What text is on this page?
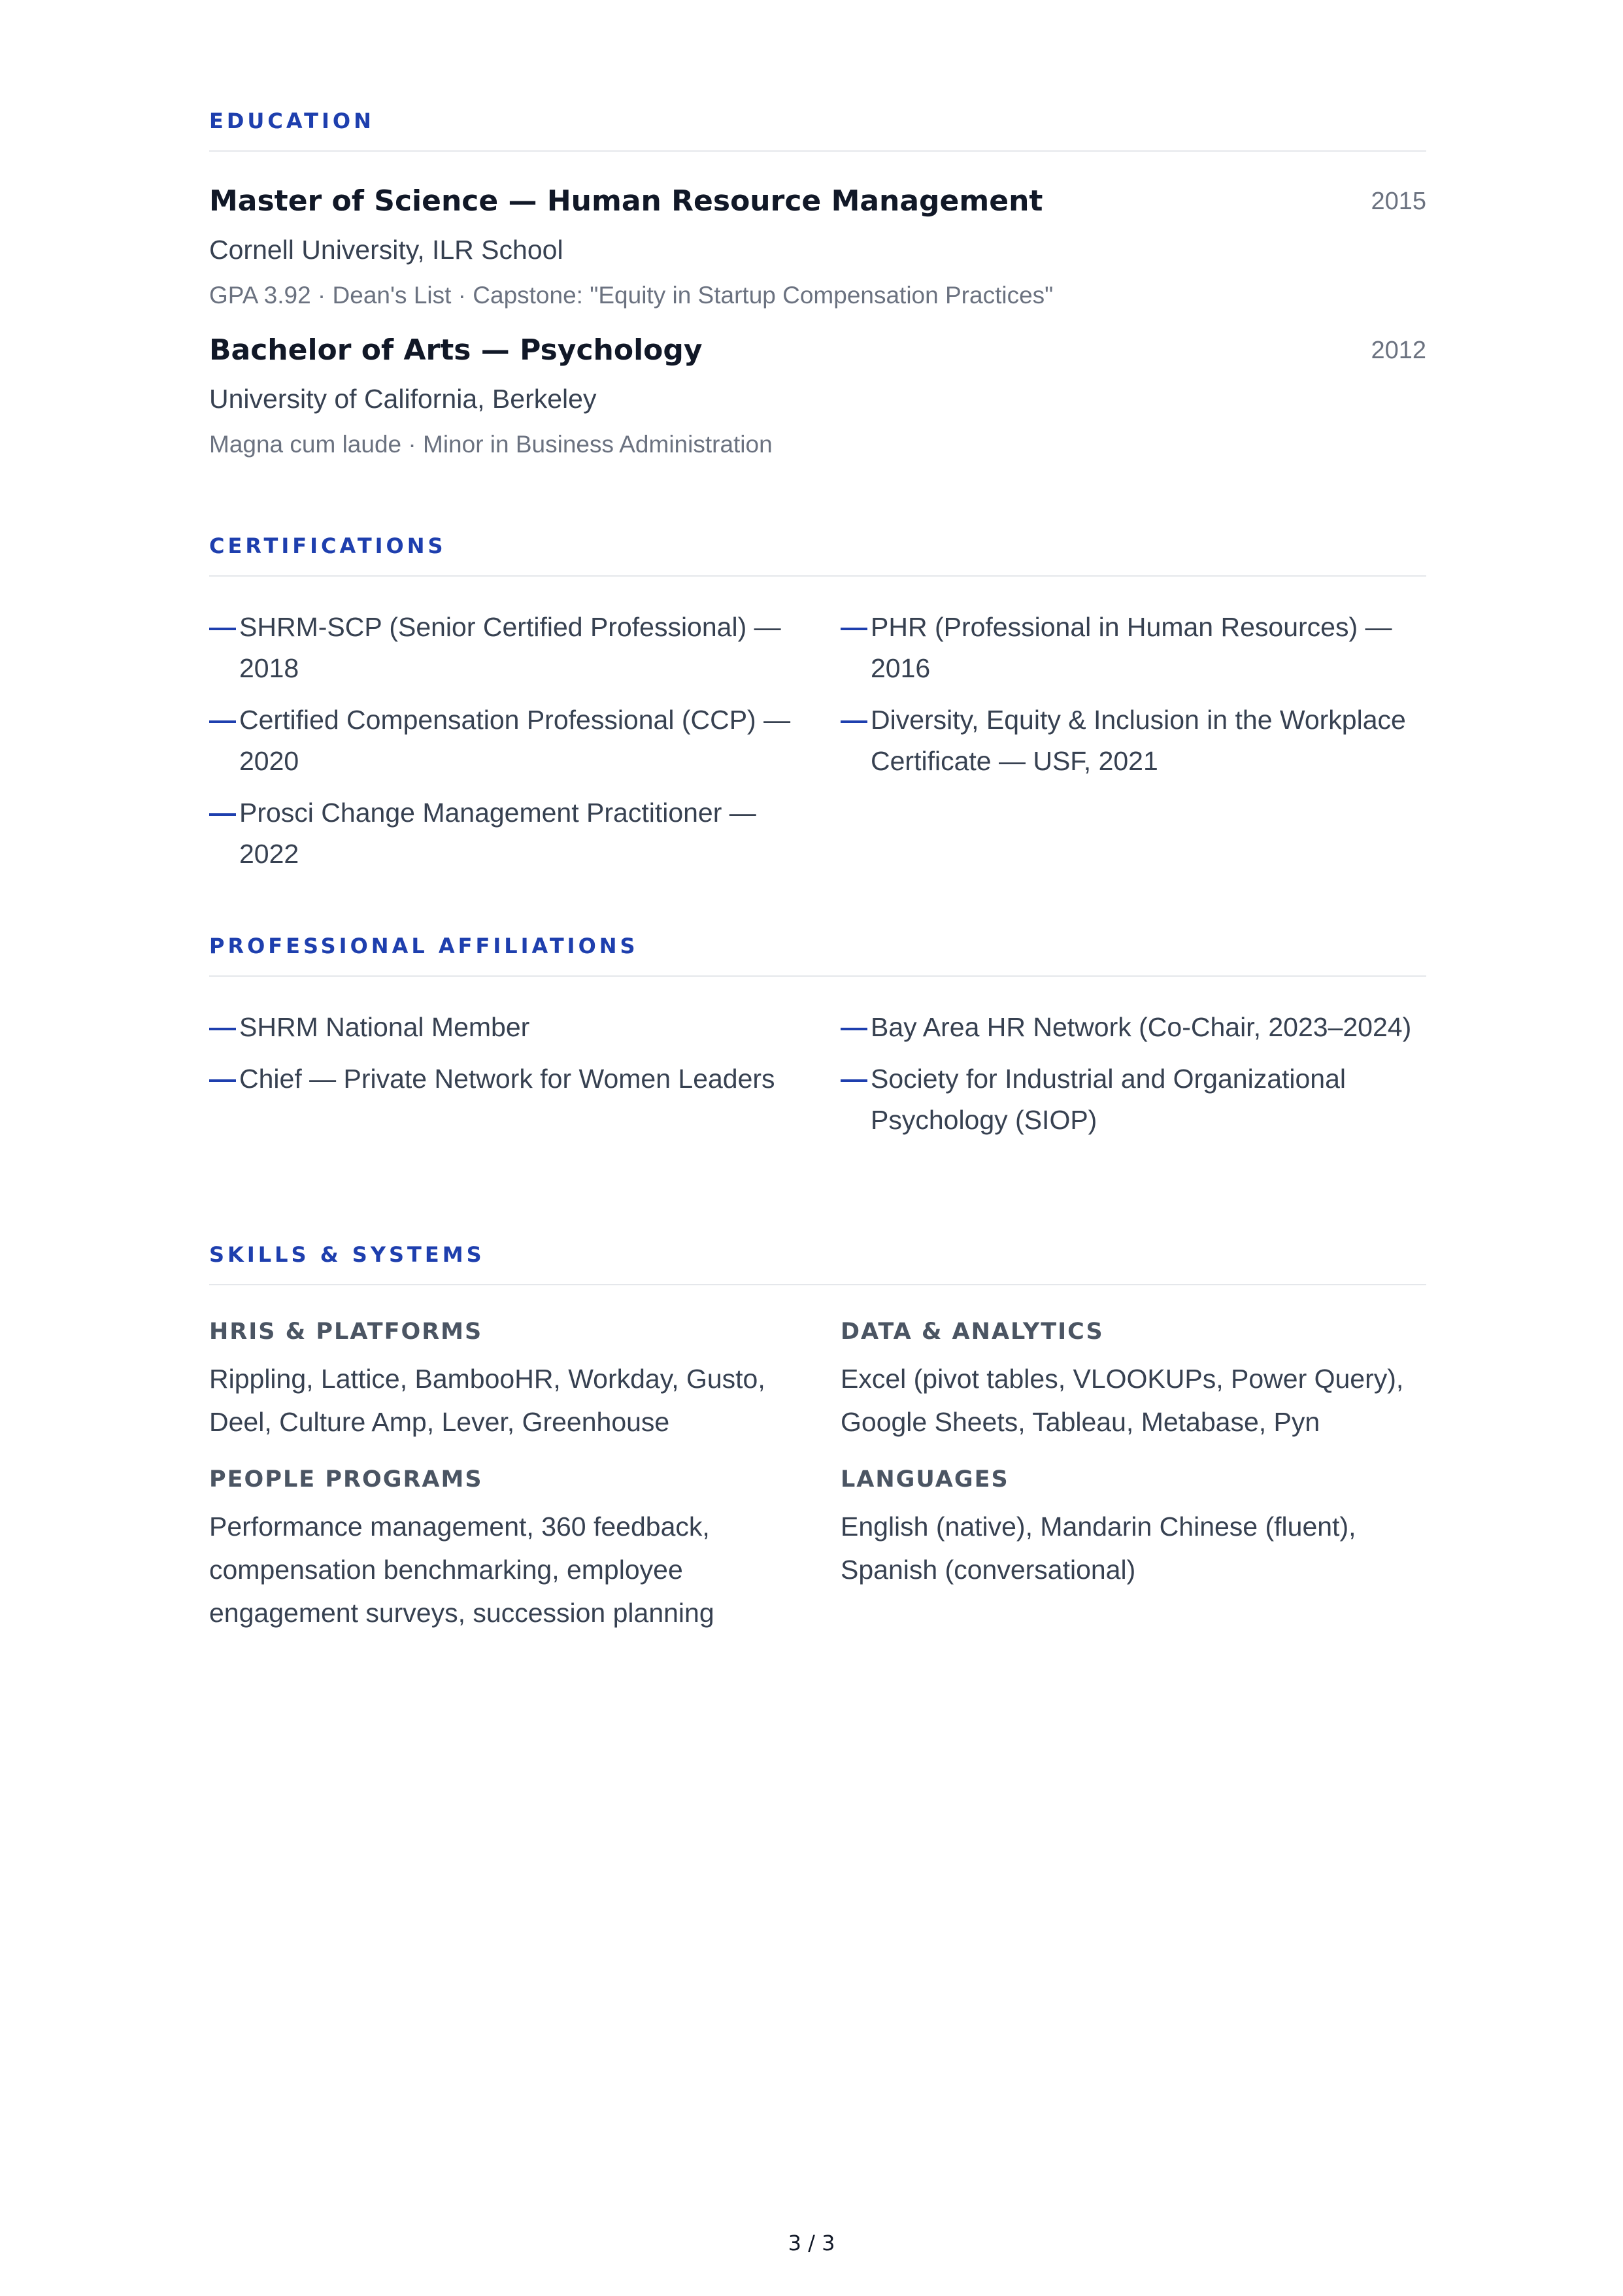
EDUCATION
Master of Science — Human Resource Management	2015
Cornell University, ILR School
GPA 3.92 · Dean's List · Capstone: "Equity in Startup Compensation Practices"
Bachelor of Arts — Psychology	2012
University of California, Berkeley
Magna cum laude · Minor in Business Administration
CERTIFICATIONS
— SHRM-SCP (Senior Certified Professional) — 2018
— PHR (Professional in Human Resources) — 2016
— Certified Compensation Professional (CCP) — 2020
— Diversity, Equity & Inclusion in the Workplace Certificate — USF, 2021
— Prosci Change Management Practitioner — 2022
PROFESSIONAL AFFILIATIONS
— SHRM National Member	— Bay Area HR Network (Co-Chair, 2023–2024)
— Chief — Private Network for Women Leaders	— Society for Industrial and Organizational Psychology (SIOP)
SKILLS & SYSTEMS
HRIS & PLATFORMS
Rippling, Lattice, BambooHR, Workday, Gusto, Deel, Culture Amp, Lever, Greenhouse
DATA & ANALYTICS
Excel (pivot tables, VLOOKUPs, Power Query), Google Sheets, Tableau, Metabase, Pyn
PEOPLE PROGRAMS
Performance management, 360 feedback, compensation benchmarking, employee engagement surveys, succession planning
LANGUAGES
English (native), Mandarin Chinese (fluent), Spanish (conversational)
3 / 3
